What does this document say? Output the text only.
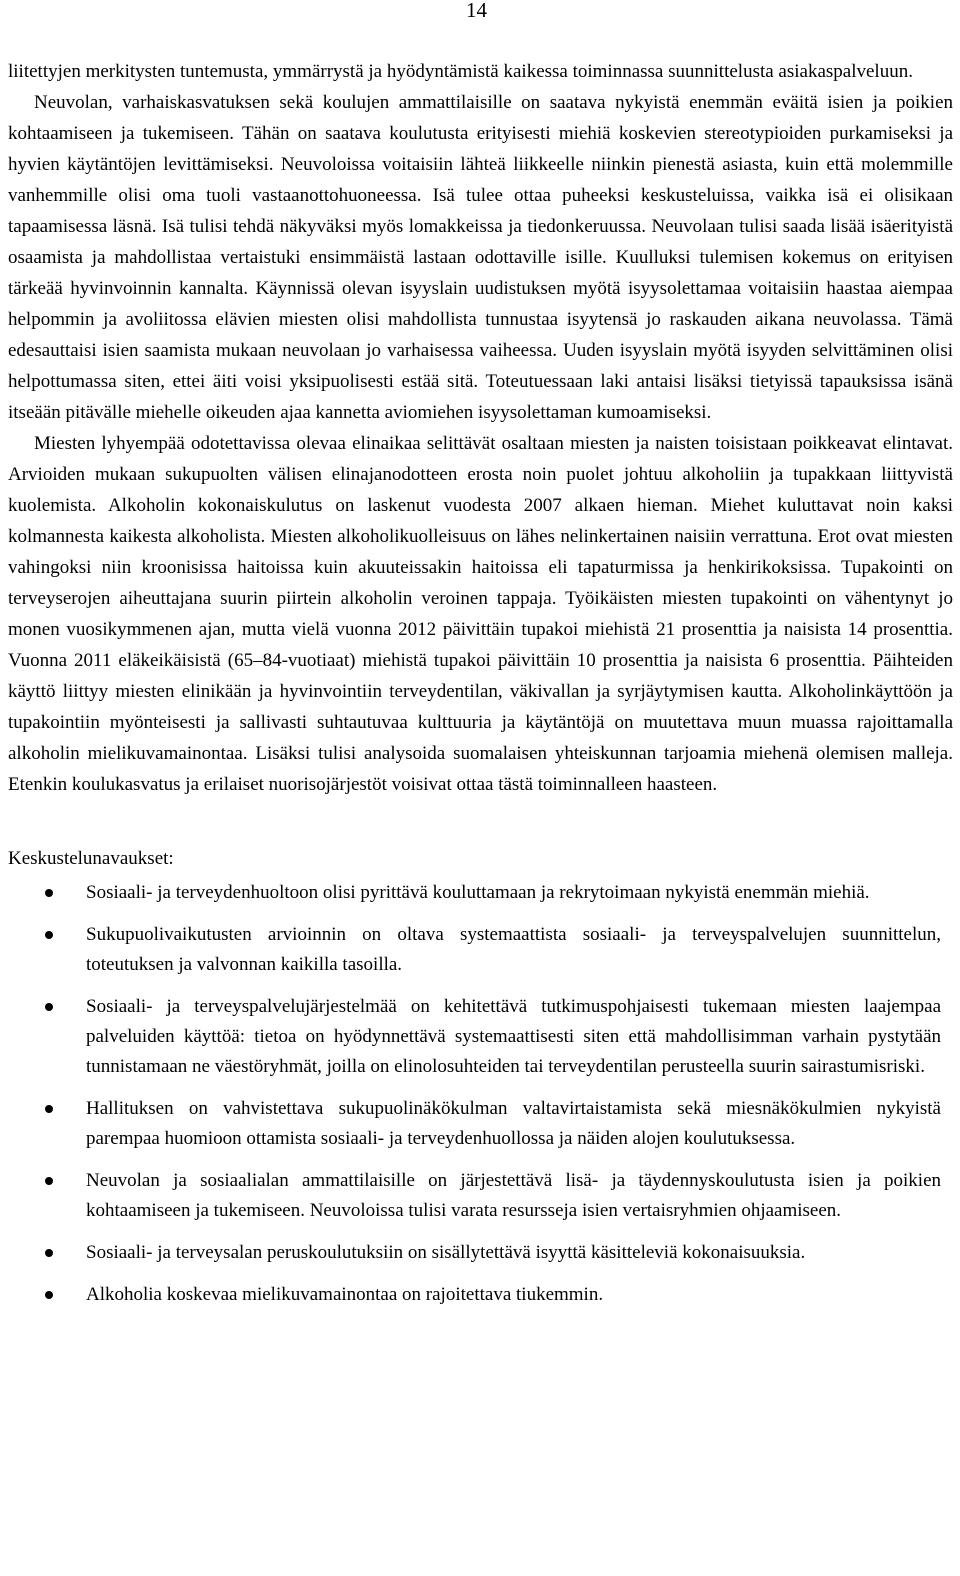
14

liitettyjen merkitysten tuntemusta, ymmärrystä ja hyödyntämistä kaikessa toiminnassa suunnittelusta asiakaspalveluun.

Neuvolan, varhaiskasvatuksen sekä koulujen ammattilaisille on saatava nykyistä enemmän eväitä isien ja poikien kohtaamiseen ja tukemiseen. Tähän on saatava koulutusta erityisesti miehiä koskevien stereotypioiden purkamiseksi ja hyvien käytäntöjen levittämiseksi. Neuvoloissa voitaisiin lähteä liikkeelle niinkin pienestä asiasta, kuin että molemmille vanhemmille olisi oma tuoli vastaanottohuoneessa. Isä tulee ottaa puheeksi keskusteluissa, vaikka isä ei olisikaan tapaamisessa läsnä. Isä tulisi tehdä näkyväksi myös lomakkeissa ja tiedonkeruussa. Neuvolaan tulisi saada lisää isäerityistä osaamista ja mahdollistaa vertaistuki ensimmäistä lastaan odottaville isille. Kuulluksi tulemisen kokemus on erityisen tärkeää hyvinvoinnin kannalta. Käynnissä olevan isyyslain uudistuksen myötä isyysolettamaa voitaisiin haastaa aiempaa helpommin ja avoliitossa elävien miesten olisi mahdollista tunnustaa isyytensä jo raskauden aikana neuvolassa. Tämä edesauttaisi isien saamista mukaan neuvolaan jo varhaisessa vaiheessa. Uuden isyyslain myötä isyyden selvittäminen olisi helpottumassa siten, ettei äiti voisi yksipuolisesti estää sitä. Toteutuessaan laki antaisi lisäksi tietyissä tapauksissa isänä itseään pitävälle miehelle oikeuden ajaa kannetta aviomiehen isyysolettaman kumoamiseksi.

Miesten lyhyempää odotettavissa olevaa elinaikaa selittävät osaltaan miesten ja naisten toisistaan poikkeavat elintavat. Arvioiden mukaan sukupuolten välisen elinajanodotteen erosta noin puolet johtuu alkoholiin ja tupakkaan liittyvistä kuolemista. Alkoholin kokonaiskulutus on laskenut vuodesta 2007 alkaen hieman. Miehet kuluttavat noin kaksi kolmannesta kaikesta alkoholista. Miesten alkoholikuolleisuus on lähes nelinkertainen naisiin verrattuna. Erot ovat miesten vahingoksi niin kroonisissa haitoissa kuin akuuteissakin haitoissa eli tapaturmissa ja henkirikoksissa. Tupakointi on terveyserojen aiheuttajana suurin piirtein alkoholin veroinen tappaja. Työikäisten miesten tupakointi on vähentynyt jo monen vuosikymmenen ajan, mutta vielä vuonna 2012 päivittäin tupakoi miehistä 21 prosenttia ja naisista 14 prosenttia. Vuonna 2011 eläkeikäisistä (65–84-vuotiaat) miehistä tupakoi päivittäin 10 prosenttia ja naisista 6 prosenttia. Päihteiden käyttö liittyy miesten elinikään ja hyvinvointiin terveydentilan, väkivallan ja syrjäytymisen kautta. Alkoholinkäyttöön ja tupakointiin myönteisesti ja sallivasti suhtautuvaa kulttuuria ja käytäntöjä on muutettava muun muassa rajoittamalla alkoholin mielikuvamainontaa. Lisäksi tulisi analysoida suomalaisen yhteiskunnan tarjoamia miehenä olemisen malleja. Etenkin koulukasvatus ja erilaiset nuorisojärjestöt voisivat ottaa tästä toiminnalleen haasteen.

Keskustelunavaukset:

Sosiaali- ja terveydenhuoltoon olisi pyrittävä kouluttamaan ja rekrytoimaan nykyistä enemmän miehiä.
Sukupuolivaikutusten arvioinnin on oltava systemaattista sosiaali- ja terveyspalvelujen suunnittelun, toteutuksen ja valvonnan kaikilla tasoilla.
Sosiaali- ja terveyspalvelujärjestelmää on kehitettävä tutkimuspohjaisesti tukemaan miesten laajempaa palveluiden käyttöä: tietoa on hyödynnettävä systemaattisesti siten että mahdollisimman varhain pystytään tunnistamaan ne väestöryhmät, joilla on elinolosuhteiden tai terveydentilan perusteella suurin sairastumisriski.
Hallituksen on vahvistettava sukupuolinäkökulman valtavirtaistamista sekä miesnäkökulmien nykyistä parempaa huomioon ottamista sosiaali- ja terveydenhuollossa ja näiden alojen koulutuksessa.
Neuvolan ja sosiaalialan ammattilaisille on järjestettävä lisä- ja täydennyskoulutusta isien ja poikien kohtaamiseen ja tukemiseen. Neuvoloissa tulisi varata resursseja isien vertaisryhmien ohjaamiseen.
Sosiaali- ja terveysalan peruskoulutuksiin on sisällytettävä isyyttä käsitteleviä kokonaisuuksia.
Alkoholia koskevaa mielikuvamainontaa on rajoitettava tiukemmin.
